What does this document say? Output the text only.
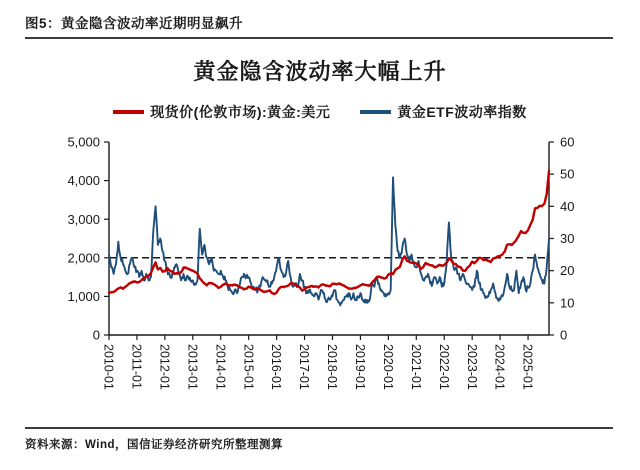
图5：黄金隐含波动率近期明显飙升
黄金隐含波动率大幅上升
现货价(伦敦市场):黄金:美元	黄金ETF波动率指数
0
1,000
2,000
3,000
4,000
5,000
0
10
20
30
40
50
60
2010-01 2011-01 2012-01 2013-01 2014-01 2015-01 2016-01 2017-01 2018-01 2019-01 2020-01 2021-01 2022-01 2023-01 2024-01 2025-01
资料来源：Wind，国信证券经济研究所整理测算
